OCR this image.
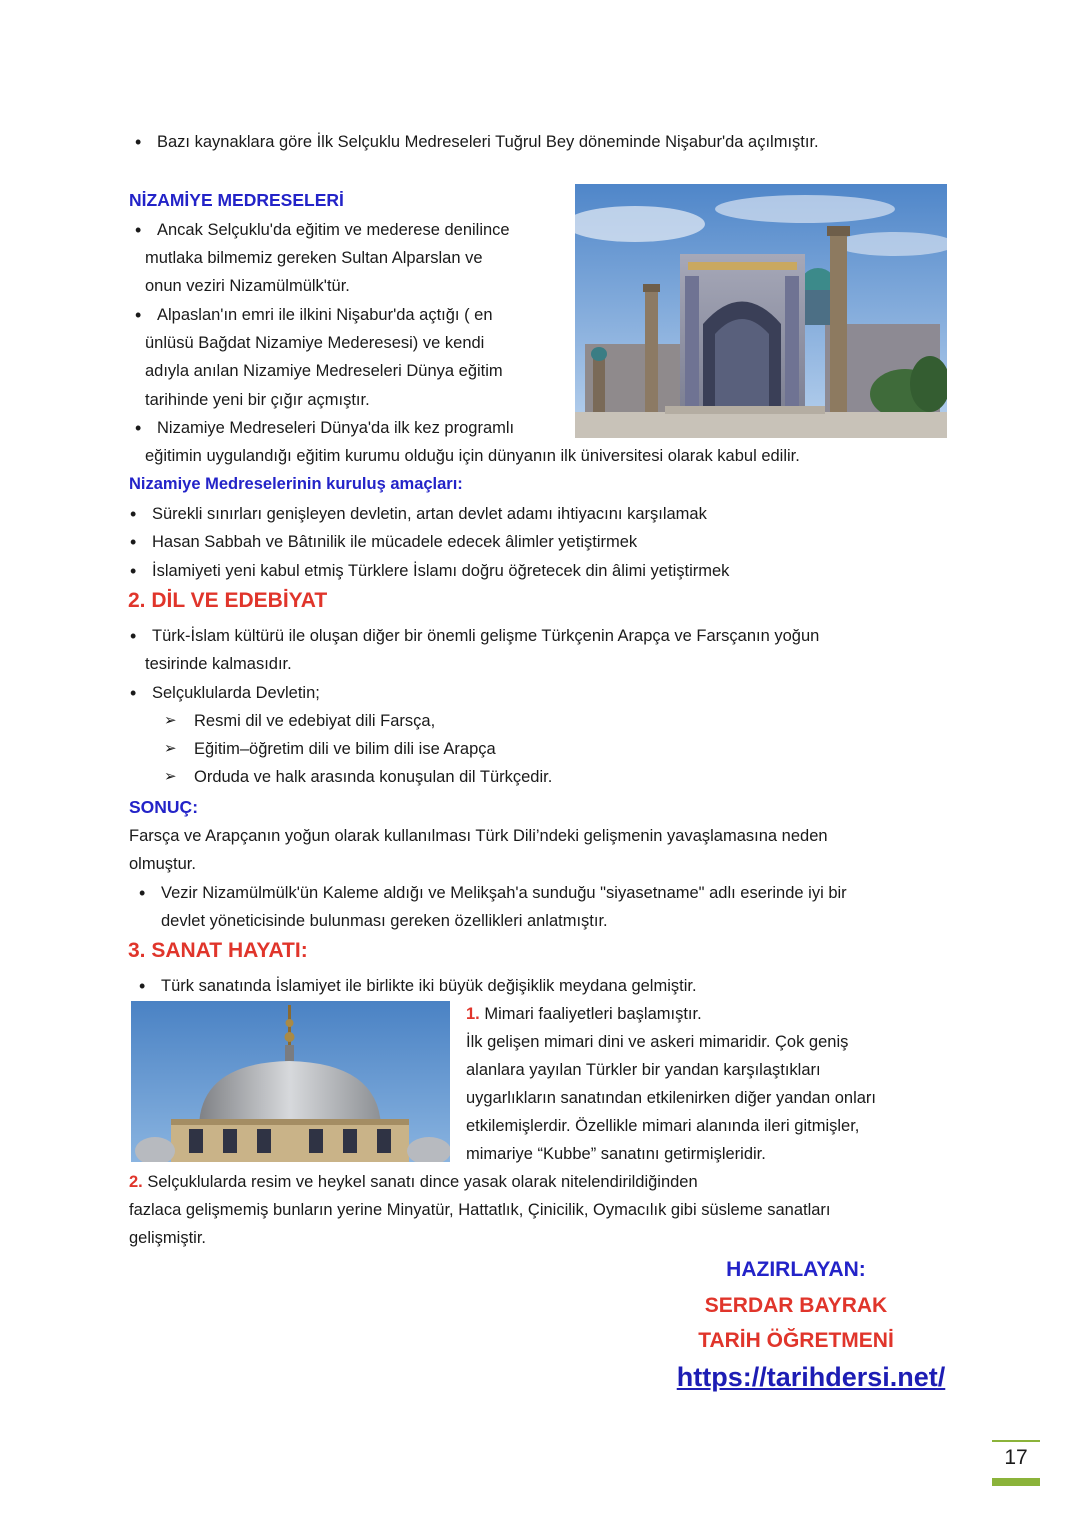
• Bazı kaynaklara göre İlk Selçuklu Medreseleri Tuğrul Bey döneminde Nişabur'da açılmıştır.
NİZAMİYE MEDRESELERİ
• Ancak Selçuklu'da eğitim ve mederese denilince
mutlaka bilmemiz gereken Sultan Alparslan ve
onun veziri Nizamülmülk'tür.
• Alpaslan'ın emri ile ilkini Nişabur'da açtığı ( en
ünlüsü Bağdat Nizamiye Mederesesi) ve kendi
adıyla anılan Nizamiye Medreseleri Dünya eğitim
tarihinde yeni bir çığır açmıştır.
• Nizamiye Medreseleri Dünya'da ilk kez programlı
eğitimin uygulandığı eğitim kurumu olduğu için dünyanın ilk üniversitesi olarak kabul edilir.
Nizamiye Medreselerinin kuruluş amaçları:
• Sürekli sınırları genişleyen devletin, artan devlet adamı ihtiyacını karşılamak
• Hasan Sabbah ve Bâtınilik ile mücadele edecek âlimler yetiştirmek
• İslamiyeti yeni kabul etmiş Türklere İslamı doğru öğretecek din âlimi yetiştirmek
2. DİL VE EDEBİYAT
• Türk-İslam kültürü ile oluşan diğer bir önemli gelişme Türkçenin Arapça ve Farsçanın yoğun
tesirinde kalmasıdır.
• Selçuklularda Devletin;
➢ Resmi dil ve edebiyat dili Farsça,
➢ Eğitim–öğretim dili ve bilim dili ise Arapça
➢ Orduda ve halk arasında konuşulan dil Türkçedir.
SONUÇ:
Farsça ve Arapçanın yoğun olarak kullanılması Türk Dili’ndeki gelişmenin yavaşlamasına neden
olmuştur.
• Vezir Nizamülmülk'ün Kaleme aldığı ve Melikşah'a sunduğu "siyasetname" adlı eserinde iyi bir
devlet yöneticisinde bulunması gereken özellikleri anlatmıştır.
3. SANAT HAYATI:
• Türk sanatında İslamiyet ile birlikte iki büyük değişiklik meydana gelmiştir.
1. Mimari faaliyetleri başlamıştır.
İlk gelişen mimari dini ve askeri mimaridir. Çok geniş
alanlara yayılan Türkler bir yandan karşılaştıkları
uygarlıkların sanatından etkilenirken diğer yandan onları
etkilemişlerdir. Özellikle mimari alanında ileri gitmişler,
mimariye “Kubbe” sanatını getirmişleridir.
2. Selçuklularda resim ve heykel sanatı dince yasak olarak nitelendirildiğinden
fazlaca gelişmemiş bunların yerine Minyatür, Hattatlık, Çinicilik, Oymacılık gibi süsleme sanatları
gelişmiştir.
HAZIRLAYAN:
SERDAR BAYRAK
TARİH ÖĞRETMENİ
https://tarihdersi.net/
17
